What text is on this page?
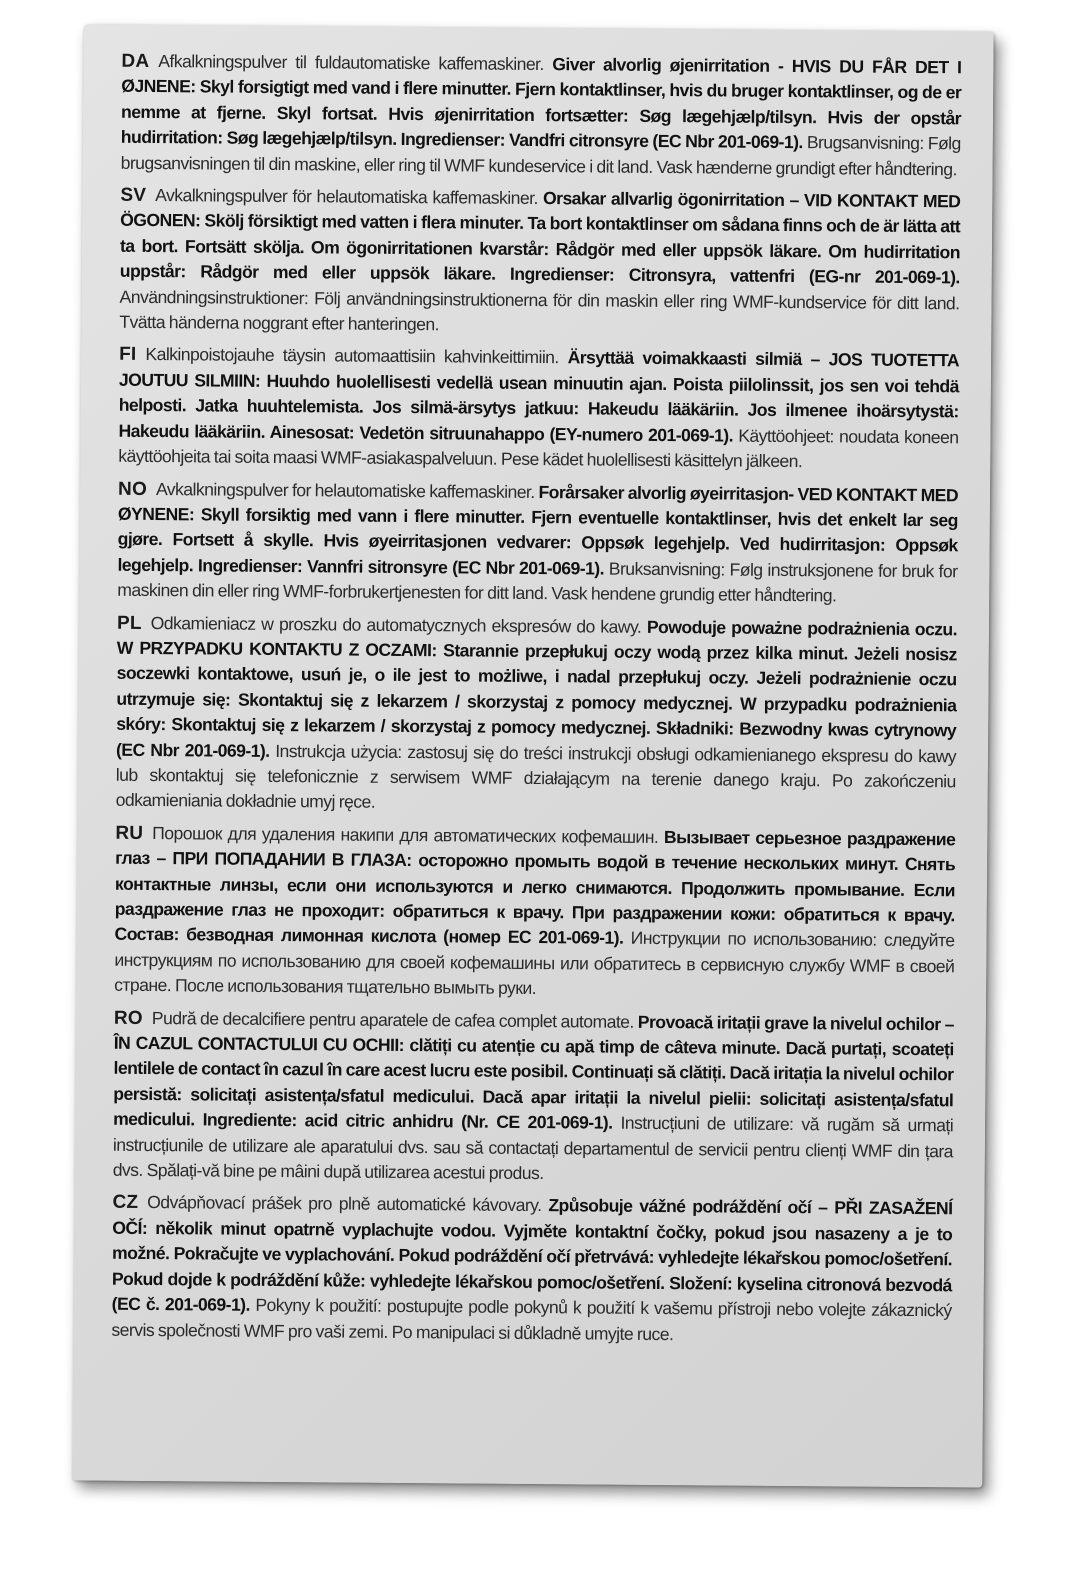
DA Afkalkningspulver til fuldautomatiske kaffemaskiner. Giver alvorlig øjenirritation - HVIS DU FÅR DET I ØJNENE: Skyl forsigtigt med vand i flere minutter. Fjern kontaktlinser, hvis du bruger kontaktlinser, og de er nemme at fjerne. Skyl fortsat. Hvis øjenirritation fortsætter: Søg lægehjælp/tilsyn. Hvis der opstår hudirritation: Søg lægehjælp/tilsyn. Ingredienser: Vandfri citronsyre (EC Nbr 201-069-1). Brugsanvisning: Følg brugsanvisningen til din maskine, eller ring til WMF kundeservice i dit land. Vask hænderne grundigt efter håndtering.

SV Avkalkningspulver för helautomatiska kaffemaskiner. Orsakar allvarlig ögonirritation – VID KONTAKT MED ÖGONEN: Skölj försiktigt med vatten i flera minuter. Ta bort kontaktlinser om sådana finns och de är lätta att ta bort. Fortsätt skölja. Om ögonirritationen kvarstår: Rådgör med eller uppsök läkare. Om hudirritation uppstår: Rådgör med eller uppsök läkare. Ingredienser: Citronsyra, vattenfri (EG-nr 201-069-1). Användningsinstruktioner: Följ användningsinstruktionerna för din maskin eller ring WMF-kundservice för ditt land. Tvätta händerna noggrant efter hanteringen.

FI Kalkinpoistojauhe täysin automaattisiin kahvinkeittimiin. Ärsyttää voimakkaasti silmiä – JOS TUOTETTA JOUTUU SILMIIN: Huuhdo huolellisesti vedellä usean minuutin ajan. Poista piilolinssit, jos sen voi tehdä helposti. Jatka huuhtelemista. Jos silmä-ärsytys jatkuu: Hakeudu lääkäriin. Jos ilmenee ihoärsytystä: Hakeudu lääkäriin. Ainesosat: Vedetön sitruunahappo (EY-numero 201-069-1). Käyttöohjeet: noudata koneen käyttöohjeita tai soita maasi WMF-asiakaspalveluun. Pese kädet huolellisesti käsittelyn jälkeen.

NO Avkalkningspulver for helautomatiske kaffemaskiner. Forårsaker alvorlig øyeirritasjon- VED KONTAKT MED ØYNENE: Skyll forsiktig med vann i flere minutter. Fjern eventuelle kontaktlinser, hvis det enkelt lar seg gjøre. Fortsett å skylle. Hvis øyeirritasjonen vedvarer: Oppsøk legehjelp. Ved hudirritasjon: Oppsøk legehjelp. Ingredienser: Vannfri sitronsyre (EC Nbr 201-069-1). Bruksanvisning: Følg instruksjonene for bruk for maskinen din eller ring WMF-forbrukertjenesten for ditt land. Vask hendene grundig etter håndtering.

PL Odkamieniacz w proszku do automatycznych ekspresów do kawy. Powoduje poważne podrażnienia oczu. W PRZYPADKU KONTAKTU Z OCZAMI: Starannie przepłukuj oczy wodą przez kilka minut. Jeżeli nosisz soczewki kontaktowe, usuń je, o ile jest to możliwe, i nadal przepłukuj oczy. Jeżeli podrażnienie oczu utrzymuje się: Skontaktuj się z lekarzem / skorzystaj z pomocy medycznej. W przypadku podrażnienia skóry: Skontaktuj się z lekarzem / skorzystaj z pomocy medycznej. Składniki: Bezwodny kwas cytrynowy (EC Nbr 201-069-1). Instrukcja użycia: zastosuj się do treści instrukcji obsługi odkamienianego ekspresu do kawy lub skontaktuj się telefonicznie z serwisem WMF działającym na terenie danego kraju. Po zakończeniu odkamieniania dokładnie umyj ręce.

RU Порошок для удаления накипи для автоматических кофемашин. Вызывает серьезное раздражение глаз – ПРИ ПОПАДАНИИ В ГЛАЗА: осторожно промыть водой в течение нескольких минут. Снять контактные линзы, если они используются и легко снимаются. Продолжить промывание. Если раздражение глаз не проходит: обратиться к врачу. При раздражении кожи: обратиться к врачу. Состав: безводная лимонная кислота (номер ЕС 201-069-1). Инструкции по использованию: следуйте инструкциям по использованию для своей кофемашины или обратитесь в сервисную службу WMF в своей стране. После использования тщательно вымыть руки.

RO Pudră de decalcifiere pentru aparatele de cafea complet automate. Provoacă iritații grave la nivelul ochilor – ÎN CAZUL CONTACTULUI CU OCHII: clătiți cu atenție cu apă timp de câteva minute. Dacă purtați, scoateți lentilele de contact în cazul în care acest lucru este posibil. Continuați să clătiți. Dacă iritația la nivelul ochilor persistă: solicitați asistența/sfatul medicului. Dacă apar iritații la nivelul pielii: solicitați asistența/sfatul medicului. Ingrediente: acid citric anhidru (Nr. CE 201-069-1). Instrucțiuni de utilizare: vă rugăm să urmați instrucțiunile de utilizare ale aparatului dvs. sau să contactați departamentul de servicii pentru clienți WMF din țara dvs. Spălați-vă bine pe mâini după utilizarea acestui produs.

CZ Odvápňovací prášek pro plně automatické kávovary. Způsobuje vážné podráždění očí – PŘI ZASAŽENÍ OČÍ: několik minut opatrně vyplachujte vodou. Vyjměte kontaktní čočky, pokud jsou nasazeny a je to možné. Pokračujte ve vyplachování. Pokud podráždění očí přetrvává: vyhledejte lékařskou pomoc/ošetření. Pokud dojde k podráždění kůže: vyhledejte lékařskou pomoc/ošetření. Složení: kyselina citronová bezvodá (EC č. 201-069-1). Pokyny k použití: postupujte podle pokynů k použití k vašemu přístroji nebo volejte zákaznický servis společnosti WMF pro vaši zemi. Po manipulaci si důkladně umyjte ruce.
